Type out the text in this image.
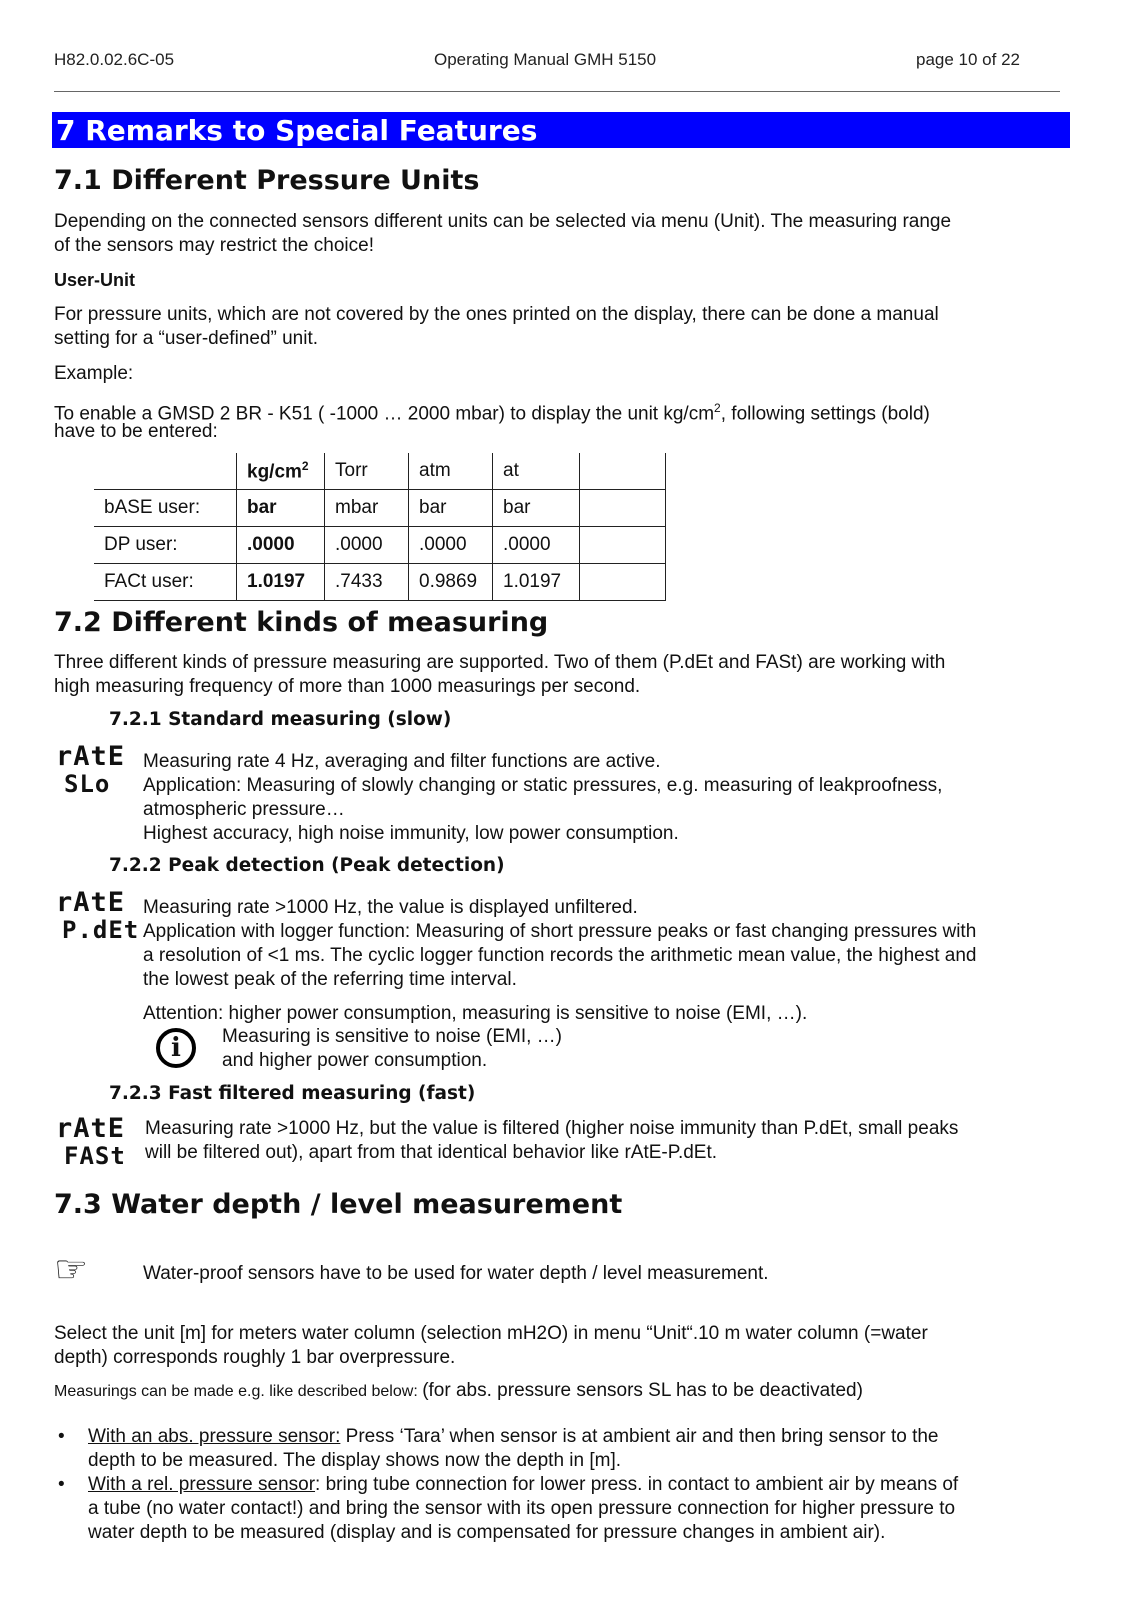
H82.0.02.6C-05	Operating Manual GMH 5150	page 10 of 22
7 Remarks to Special Features
7.1 Different Pressure Units
Depending on the connected sensors different units can be selected via menu (Unit). The measuring range
of the sensors may restrict the choice!
User-Unit
For pressure units, which are not covered by the ones printed on the display, there can be done a manual
setting for a “user-defined” unit.
Example:
To enable a GMSD 2 BR - K51 ( -1000 … 2000 mbar) to display the unit $kg/cm^2$, following settings (bold)
have to be entered:
	$kg/cm^2$	Torr	atm	at	
bASE user:	bar	mbar	bar	bar	
DP user:	.0000	.0000	.0000	.0000	
FACt user:	1.0197	.7433	0.9869	1.0197	
7.2 Different kinds of measuring
Three different kinds of pressure measuring are supported. Two of them (P.dEt and FASt) are working with
high measuring frequency of more than 1000 measurings per second.
7.2.1 Standard measuring (slow)
rAtE
SLo
Measuring rate 4 Hz, averaging and filter functions are active.
Application: Measuring of slowly changing or static pressures, e.g. measuring of leakproofness,
atmospheric pressure…
Highest accuracy, high noise immunity, low power consumption.
7.2.2 Peak detection (Peak detection)
rAtE
P.dEt
Measuring rate >1000 Hz, the value is displayed unfiltered.
Application with logger function: Measuring of short pressure peaks or fast changing pressures with
a resolution of <1 ms. The cyclic logger function records the arithmetic mean value, the highest and
the lowest peak of the referring time interval.
Attention: higher power consumption, measuring is sensitive to noise (EMI, …).
i	Measuring is sensitive to noise (EMI, …)
and higher power consumption.
7.2.3 Fast filtered measuring (fast)
rAtE
FASt
Measuring rate >1000 Hz, but the value is filtered (higher noise immunity than P.dEt, small peaks
will be filtered out), apart from that identical behavior like rAtE-P.dEt.
7.3 Water depth / level measurement
☞	Water-proof sensors have to be used for water depth / level measurement.
Select the unit [m] for meters water column (selection mH2O) in menu “Unit“.10 m water column (=water
depth) corresponds roughly 1 bar overpressure.
Measurings can be made e.g. like described below: (for abs. pressure sensors SL has to be deactivated)
• With an abs. pressure sensor: Press ‘Tara’ when sensor is at ambient air and then bring sensor to the
depth to be measured. The display shows now the depth in [m].
• With a rel. pressure sensor: bring tube connection for lower press. in contact to ambient air by means of
a tube (no water contact!) and bring the sensor with its open pressure connection for higher pressure to
water depth to be measured (display and is compensated for pressure changes in ambient air).
